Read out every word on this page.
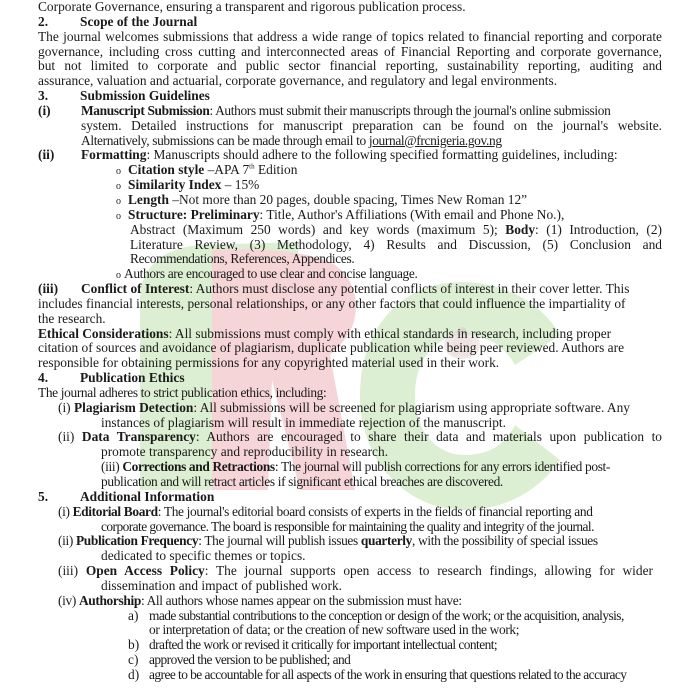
Corporate Governance, ensuring a transparent and rigorous publication process.
2.	Scope of the Journal
The journal welcomes submissions that address a wide range of topics related to financial reporting and corporate
governance, including cross cutting and interconnected areas of Financial Reporting and corporate governance,
but not limited to corporate and public sector financial reporting, sustainability reporting, auditing and
assurance, valuation and actuarial, corporate governance, and regulatory and legal environments.
3.	Submission Guidelines
(i)	Manuscript Submission: Authors must submit their manuscripts through the journal's online submission
system. Detailed instructions for manuscript preparation can be found on the journal's website.
Alternatively, submissions can be made through email to journal@frcnigeria.gov.ng
(ii)	Formatting: Manuscripts should adhere to the following specified formatting guidelines, including:
o Citation style –APA 7th Edition
o Similarity Index – 15%
o Length –Not more than 20 pages, double spacing, Times New Roman 12”
o Structure: Preliminary: Title, Author's Affiliations (With email and Phone No.),
Abstract (Maximum 250 words) and key words (maximum 5); Body: (1) Introduction, (2)
Literature Review, (3) Methodology, 4) Results and Discussion, (5) Conclusion and
Recommendations, References, Appendices.
o Authors are encouraged to use clear and concise language.
(iii)	Conflict of Interest: Authors must disclose any potential conflicts of interest in their cover letter. This
includes financial interests, personal relationships, or any other factors that could influence the impartiality of
the research.
Ethical Considerations: All submissions must comply with ethical standards in research, including proper
citation of sources and avoidance of plagiarism, duplicate publication while being peer reviewed. Authors are
responsible for obtaining permissions for any copyrighted material used in their work.
4.	Publication Ethics
The journal adheres to strict publication ethics, including:
(i) Plagiarism Detection: All submissions will be screened for plagiarism using appropriate software. Any
instances of plagiarism will result in immediate rejection of the manuscript.
(ii) Data Transparency: Authors are encouraged to share their data and materials upon publication to
promote transparency and reproducibility in research.
(iii) Corrections and Retractions: The journal will publish corrections for any errors identified post-
publication and will retract articles if significant ethical breaches are discovered.
5.	Additional Information
(i) Editorial Board: The journal's editorial board consists of experts in the fields of financial reporting and
corporate governance. The board is responsible for maintaining the quality and integrity of the journal.
(ii) Publication Frequency: The journal will publish issues quarterly, with the possibility of special issues
dedicated to specific themes or topics.
(iii) Open Access Policy: The journal supports open access to research findings, allowing for wider
dissemination and impact of published work.
(iv) Authorship: All authors whose names appear on the submission must have:
a) made substantial contributions to the conception or design of the work; or the acquisition, analysis,
or interpretation of data; or the creation of new software used in the work;
b) drafted the work or revised it critically for important intellectual content;
c) approved the version to be published; and
d) agree to be accountable for all aspects of the work in ensuring that questions related to the accuracy
